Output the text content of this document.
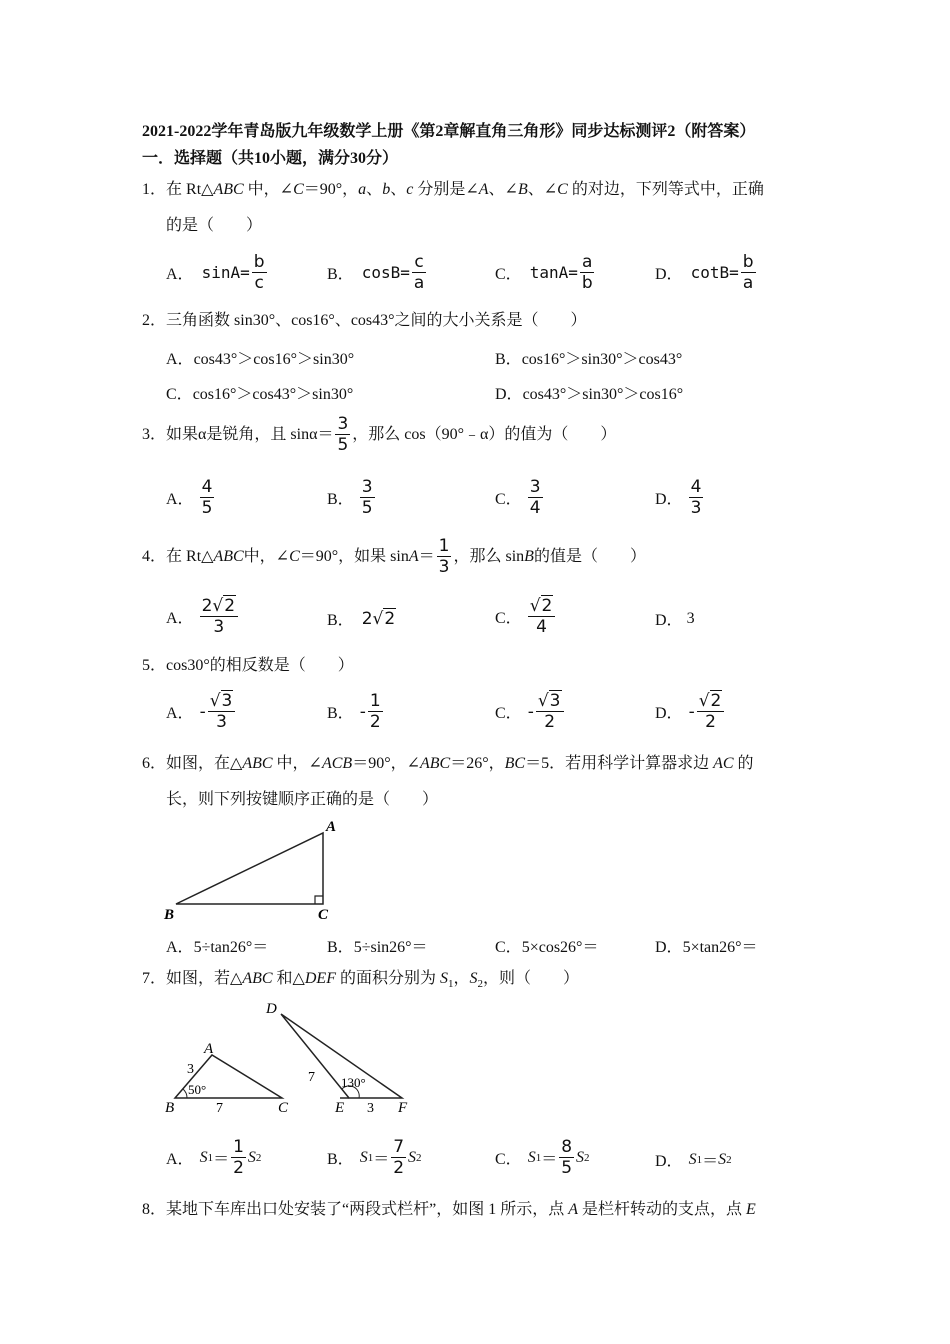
2021-2022学年青岛版九年级数学上册《第2章解直角三角形》同步达标测评2（附答案）
一．选择题（共10小题，满分30分）
1．在 Rt△ABC 中，∠C＝90°，a、b、c 分别是∠A、∠B、∠C 的对边，下列等式中，正确
的是（　　）
A． $\sin A= \frac{b}{c}$	B． $\cos B= \frac{c}{a}$	C． $\tan A= \frac{a}{b}$	D． $\cot B= \frac{b}{a}$
2．三角函数 sin30°、cos16°、cos43°之间的大小关系是（　　）
A． cos43°＞cos16°＞sin30°	B． cos16°＞sin30°＞cos43°
C． cos16°＞cos43°＞sin30°	D． cos43°＞sin30°＞cos16°
3． 如果α是锐角，且 $\sin\alpha= \frac{3}{5}$ ，那么 cos（90°﹣α）的值为（　　）
A． $\frac{4}{5}$	B． $\frac{3}{5}$	C． $\frac{3}{4}$	D． $\frac{4}{3}$
4． 在 Rt△ ABC 中，∠ C ＝90°，如果 $\sin A = \frac{1}{3}$ ，那么 sin B 的值是（　　）
A． $\frac{2√2}{3}$	B． 2√2	C． $\frac{√2}{4}$	D． 3
5．cos30°的相反数是（　　）
A． - $\frac{√3}{3}$	B． - $\frac{1}{2}$	C． - $\frac{√3}{2}$	D． - $\frac{√2}{2}$
6．如图，在△ABC 中，∠ACB＝90°，∠ABC＝26°，BC＝5．若用科学计算器求边 AC 的
长，则下列按键顺序正确的是（　　）
A
B	C
A． 5÷tan26°＝	B． 5÷sin26°＝	C． 5×cos26°＝	D． 5×tan26°＝
7．如图，若△ABC 和△DEF 的面积分别为 $S_1$，$S_2$，则（　　）
A
B	C
3
7
50°
D
E	F
7
3
130°
A． S $1 = \frac{1}{2}$ S 2	B． S $1 = \frac{7}{2}$ S 2	C． S $1 = \frac{8}{5}$ S 2	D． S 1 ＝ S 2
8．某地下车库出口处安装了“两段式栏杆”，如图 1 所示，点 A 是栏杆转动的支点，点 E
